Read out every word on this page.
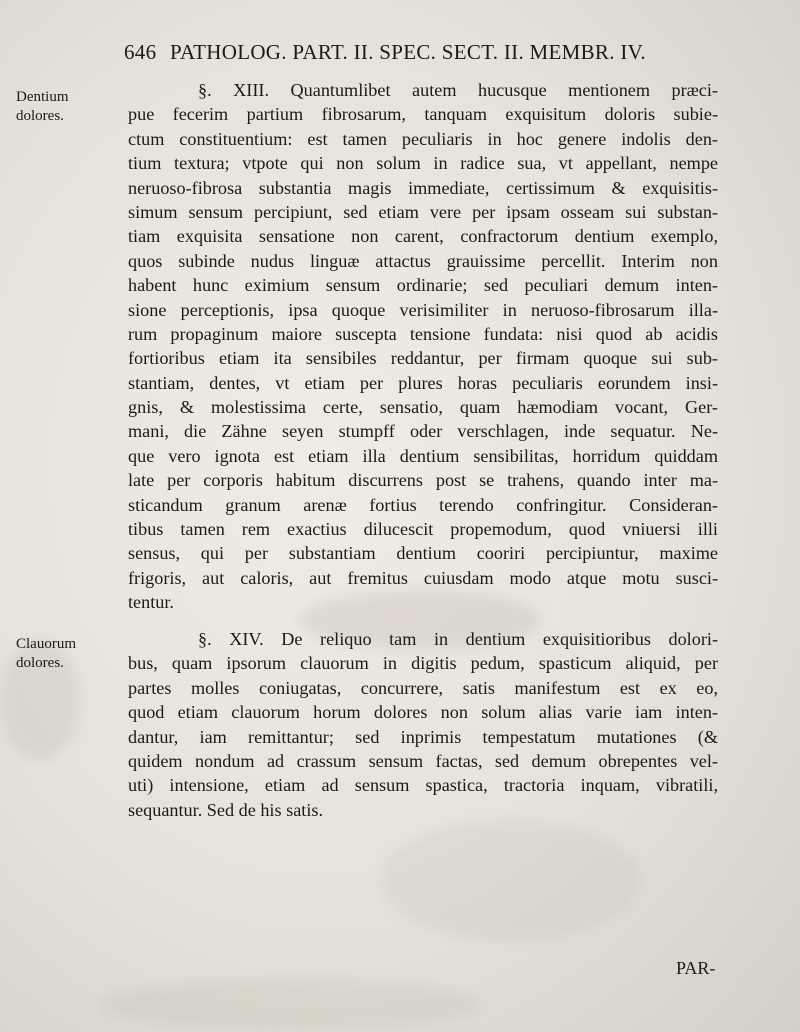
646 PATHOLOG. PART. II. SPEC. SECT. II. MEMBR. IV.
Dentium dolores.
Clauorum dolores.
§. XIII. Quantumlibet autem hucusque mentionem præci-
pue fecerim partium fibrosarum, tanquam exquisitum doloris subie-
ctum constituentium: est tamen peculiaris in hoc genere indolis den-
tium textura; vtpote qui non solum in radice sua, vt appellant, nempe
neruoso-fibrosa substantia magis immediate, certissimum & exquisitis-
simum sensum percipiunt, sed etiam vere per ipsam osseam sui substan-
tiam exquisita sensatione non carent, confractorum dentium exemplo,
quos subinde nudus linguæ attactus grauissime percellit. Interim non
habent hunc eximium sensum ordinarie; sed peculiari demum inten-
sione perceptionis, ipsa quoque verisimiliter in neruoso-fibrosarum illa-
rum propaginum maiore suscepta tensione fundata: nisi quod ab acidis
fortioribus etiam ita sensibiles reddantur, per firmam quoque sui sub-
stantiam, dentes, vt etiam per plures horas peculiaris eorundem insi-
gnis, & molestissima certe, sensatio, quam hæmodiam vocant, Ger-
mani, die Zähne seyen stumpff oder verschlagen, inde sequatur. Ne-
que vero ignota est etiam illa dentium sensibilitas, horridum quiddam
late per corporis habitum discurrens post se trahens, quando inter ma-
sticandum granum arenæ fortius terendo confringitur. Consideran-
tibus tamen rem exactius dilucescit propemodum, quod vniuersi illi
sensus, qui per substantiam dentium cooriri percipiuntur, maxime
frigoris, aut caloris, aut fremitus cuiusdam modo atque motu susci-
tentur.
§. XIV. De reliquo tam in dentium exquisitioribus dolori-
bus, quam ipsorum clauorum in digitis pedum, spasticum aliquid, per
partes molles coniugatas, concurrere, satis manifestum est ex eo,
quod etiam clauorum horum dolores non solum alias varie iam inten-
dantur, iam remittantur; sed inprimis tempestatum mutationes (&
quidem nondum ad crassum sensum factas, sed demum obrepentes vel-
uti) intensione, etiam ad sensum spastica, tractoria inquam, vibratili,
sequantur. Sed de his satis.
PAR-
